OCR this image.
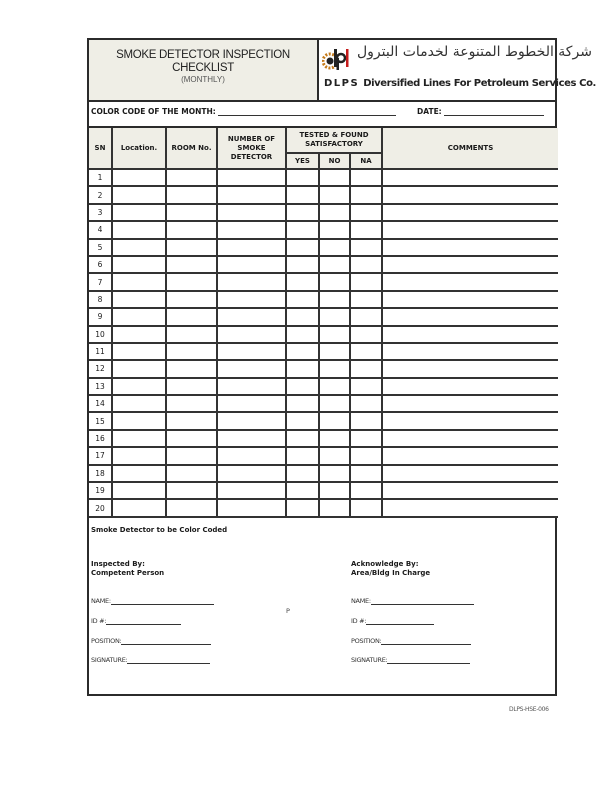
SMOKE DETECTOR INSPECTION
CHECKLIST
(MONTHLY)
شركة الخطوط المتنوعة لخدمات البترول
DLPS Diversified Lines For Petroleum Services Co.
COLOR CODE OF THE MONTH:	DATE:
SN	Location.	ROOM No.	NUMBER OF SMOKE DETECTOR	TESTED & FOUND SATISFACTORY			COMMENTS
				YES	NO	NA	
1							
2							
3							
4							
5							
6							
7							
8							
9							
10							
11							
12							
13							
14							
15							
16							
17							
18							
19							
20							
Smoke Detector to be Color Coded
Inspected By:
Competent Person
NAME:
ID #:
POSITION:
SIGNATURE:
P
Acknowledge By:
Area/Bldg In Charge
NAME:
ID #:
POSITION:
SIGNATURE:
DLPS-HSE-006
